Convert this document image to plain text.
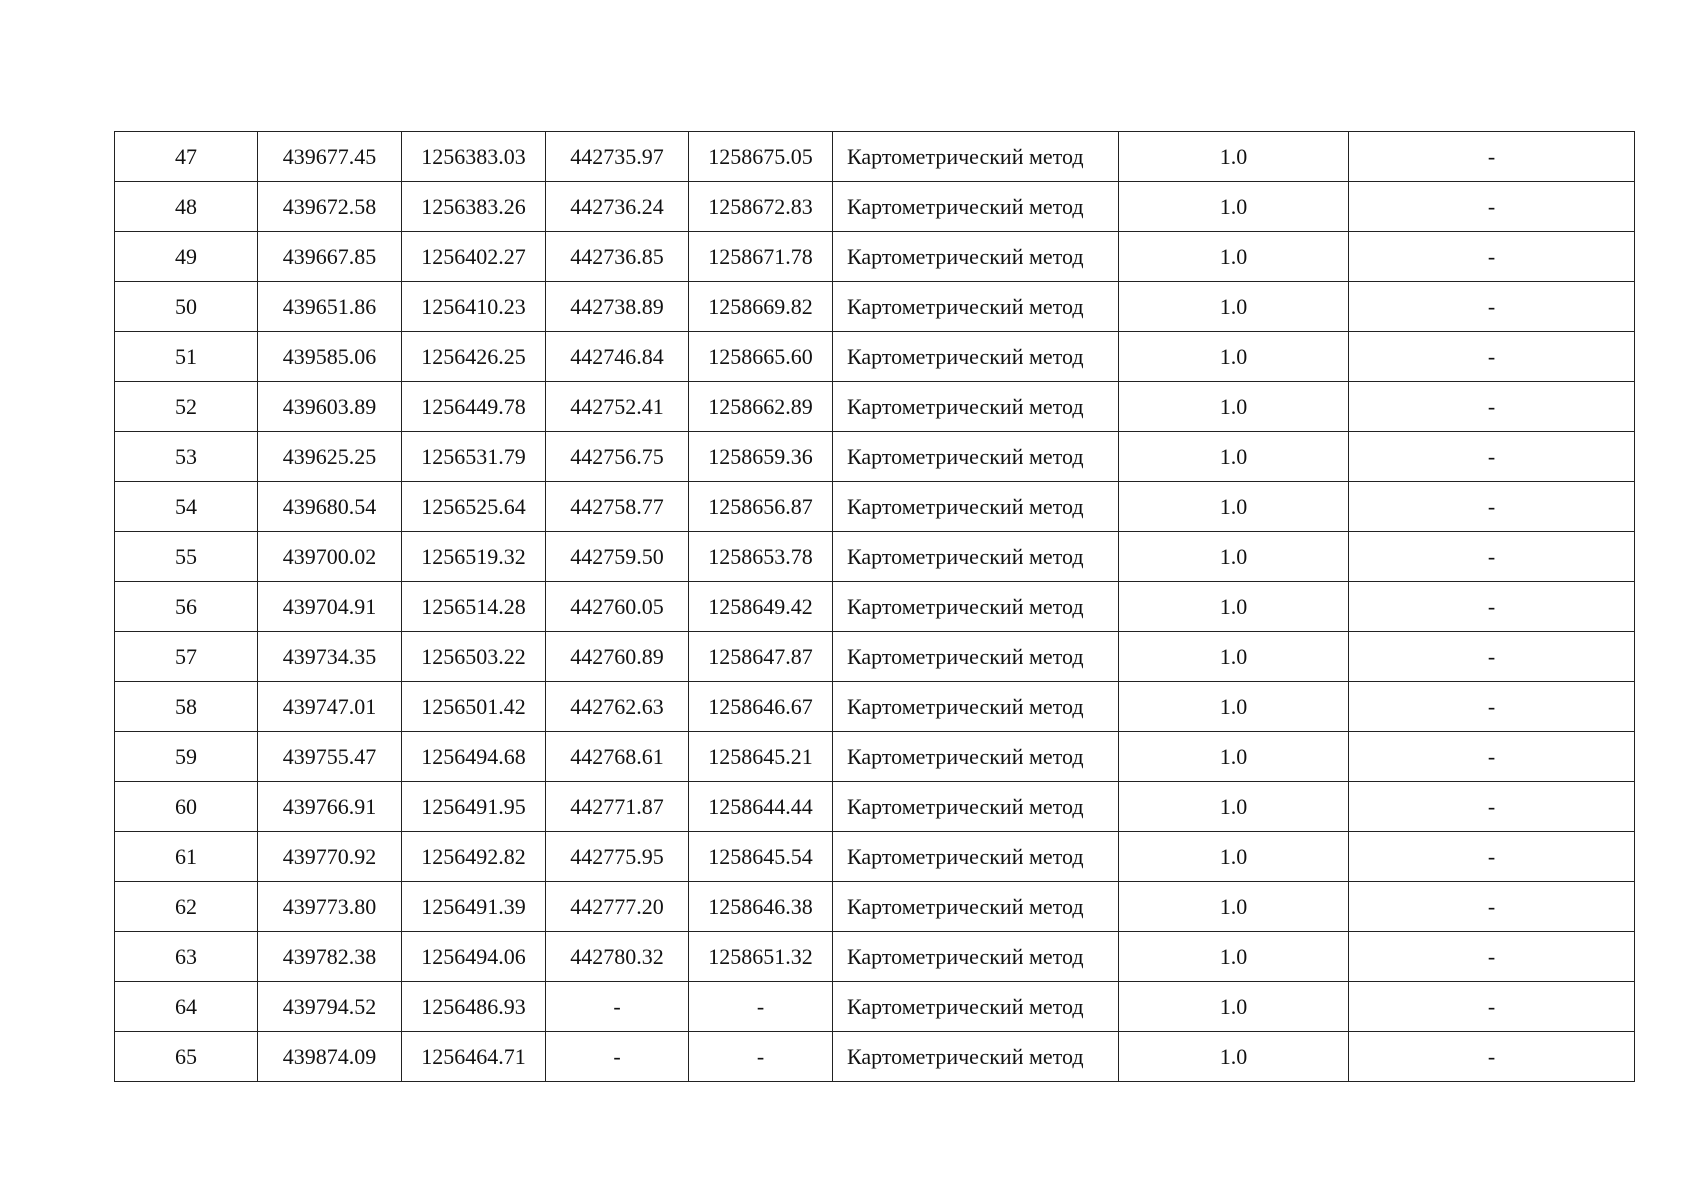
47	439677.45	1256383.03	442735.97	1258675.05	Картометрический метод	1.0	-
48	439672.58	1256383.26	442736.24	1258672.83	Картометрический метод	1.0	-
49	439667.85	1256402.27	442736.85	1258671.78	Картометрический метод	1.0	-
50	439651.86	1256410.23	442738.89	1258669.82	Картометрический метод	1.0	-
51	439585.06	1256426.25	442746.84	1258665.60	Картометрический метод	1.0	-
52	439603.89	1256449.78	442752.41	1258662.89	Картометрический метод	1.0	-
53	439625.25	1256531.79	442756.75	1258659.36	Картометрический метод	1.0	-
54	439680.54	1256525.64	442758.77	1258656.87	Картометрический метод	1.0	-
55	439700.02	1256519.32	442759.50	1258653.78	Картометрический метод	1.0	-
56	439704.91	1256514.28	442760.05	1258649.42	Картометрический метод	1.0	-
57	439734.35	1256503.22	442760.89	1258647.87	Картометрический метод	1.0	-
58	439747.01	1256501.42	442762.63	1258646.67	Картометрический метод	1.0	-
59	439755.47	1256494.68	442768.61	1258645.21	Картометрический метод	1.0	-
60	439766.91	1256491.95	442771.87	1258644.44	Картометрический метод	1.0	-
61	439770.92	1256492.82	442775.95	1258645.54	Картометрический метод	1.0	-
62	439773.80	1256491.39	442777.20	1258646.38	Картометрический метод	1.0	-
63	439782.38	1256494.06	442780.32	1258651.32	Картометрический метод	1.0	-
64	439794.52	1256486.93	-	-	Картометрический метод	1.0	-
65	439874.09	1256464.71	-	-	Картометрический метод	1.0	-
